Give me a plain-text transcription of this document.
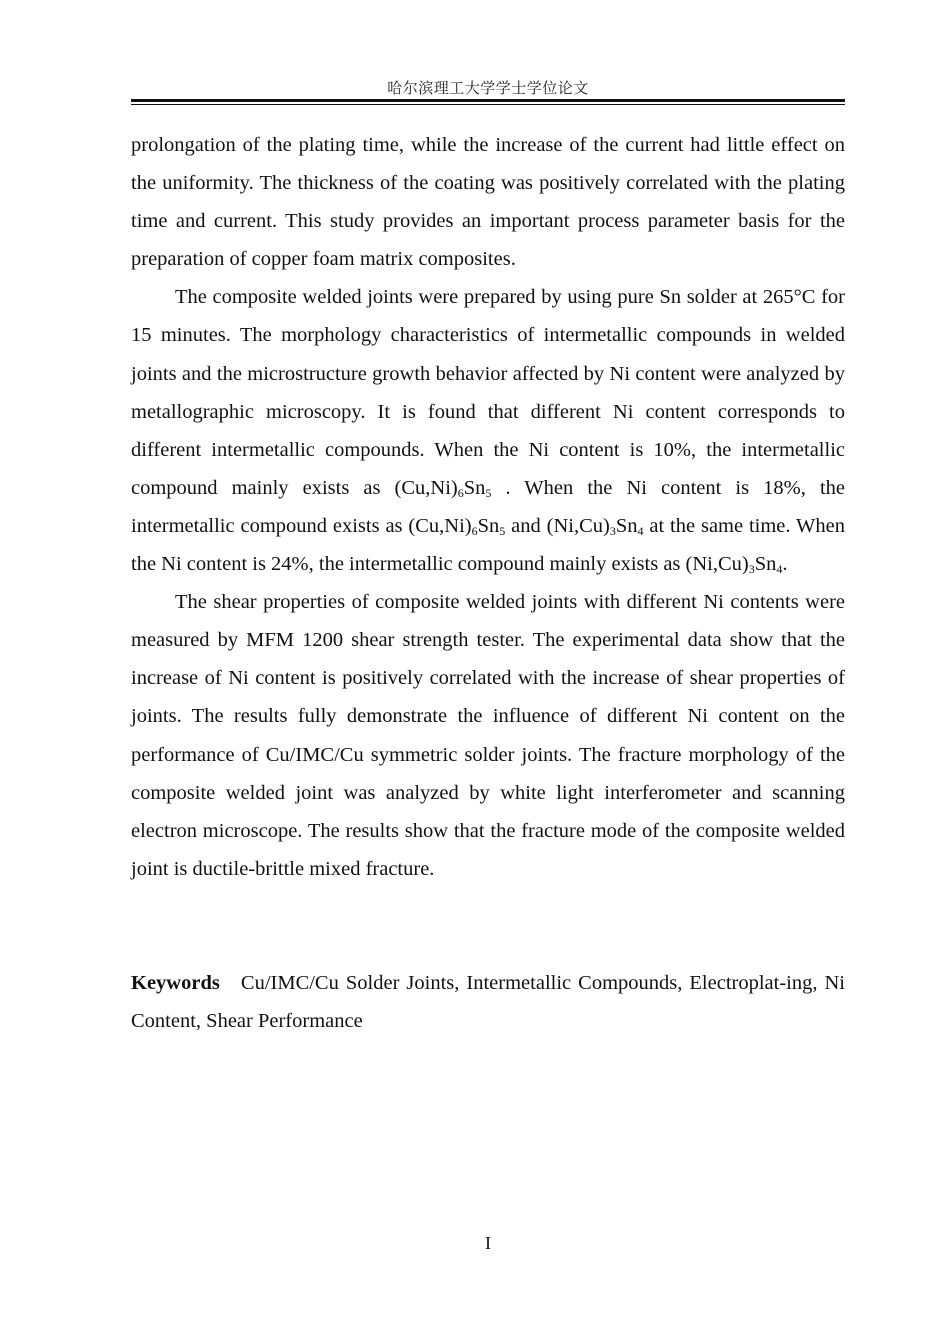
哈尔滨理工大学学士学位论文

prolongation of the plating time, while the increase of the current had little effect on the uniformity. The thickness of the coating was positively correlated with the plating time and current. This study provides an important process parameter basis for the preparation of copper foam matrix composites.

The composite welded joints were prepared by using pure Sn solder at 265°C for 15 minutes. The morphology characteristics of intermetallic compounds in welded joints and the microstructure growth behavior affected by Ni content were analyzed by metallographic microscopy. It is found that different Ni content corresponds to different intermetallic compounds. When the Ni content is 10%, the intermetallic compound mainly exists as $(Cu,Ni)_6Sn_5$ . When the Ni content is 18%, the intermetallic compound exists as $(Cu,Ni)_6Sn_5$ and $(Ni,Cu)_3Sn_4$ at the same time. When the Ni content is 24%, the intermetallic compound mainly exists as $(Ni,Cu)_3Sn_4$.

The shear properties of composite welded joints with different Ni contents were measured by MFM 1200 shear strength tester. The experimental data show that the increase of Ni content is positively correlated with the increase of shear properties of joints. The results fully demonstrate the influence of different Ni content on the performance of Cu/IMC/Cu symmetric solder joints. The fracture morphology of the composite welded joint was analyzed by white light interferometer and scanning electron microscope. The results show that the fracture mode of the composite welded joint is ductile-brittle mixed fracture.

Keywords Cu/IMC/Cu Solder Joints, Intermetallic Compounds, Electroplat-ing, Ni Content, Shear Performance
I
